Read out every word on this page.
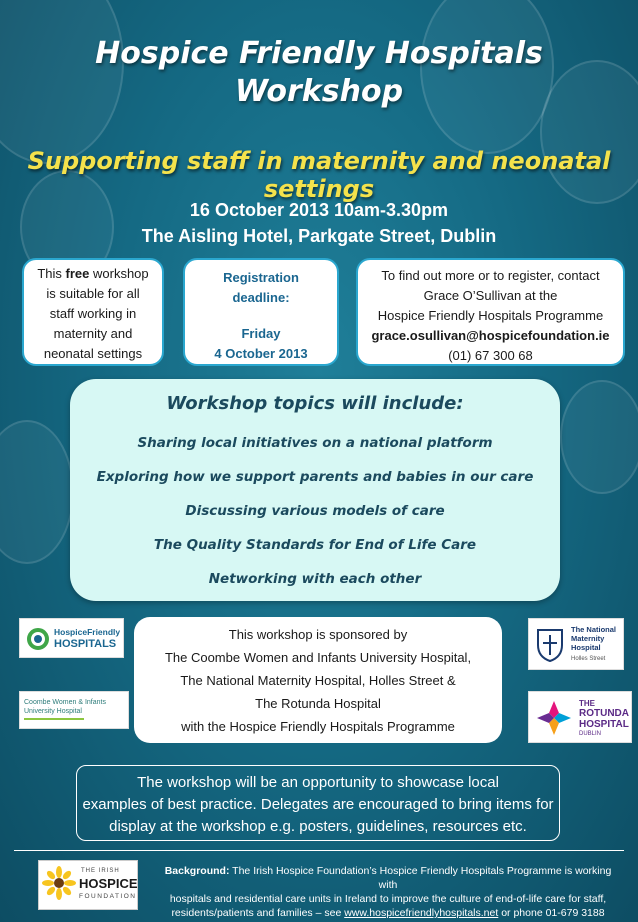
Hospice Friendly Hospitals
Workshop
Supporting staff in maternity and neonatal settings
16 October 2013 10am-3.30pm
The Aisling Hotel, Parkgate Street, Dublin
This free workshop
is suitable for all
staff working in
maternity and
neonatal settings
Registration
deadline:
Friday
4 October 2013
To find out more or to register, contact
Grace O’Sullivan at the
Hospice Friendly Hospitals Programme
grace.osullivan@hospicefoundation.ie
(01) 67 300 68
Workshop topics will include:
Sharing local initiatives on a national platform
Exploring how we support parents and babies in our care
Discussing various models of care
The Quality Standards for End of Life Care
Networking with each other
HospiceFriendly
HOSPITALS
Coombe Women & Infants University Hospital
The National
Maternity
Hospital
Holles Street
THE
ROTUNDA
HOSPITAL
DUBLIN
This workshop is sponsored by
The Coombe Women and Infants University Hospital,
The National Maternity Hospital, Holles Street &
The Rotunda Hospital
with the Hospice Friendly Hospitals Programme
The workshop will be an opportunity to showcase local
examples of best practice. Delegates are encouraged to bring items for
display at the workshop e.g. posters, guidelines, resources etc.
THE IRISH
HOSPICE
FOUNDATION
Background: The Irish Hospice Foundation’s Hospice Friendly Hospitals Programme is working with
hospitals and residential care units in Ireland to improve the culture of end-of-life care for staff,
residents/patients and families – see www.hospicefriendlyhospitals.net or phone 01-679 3188
